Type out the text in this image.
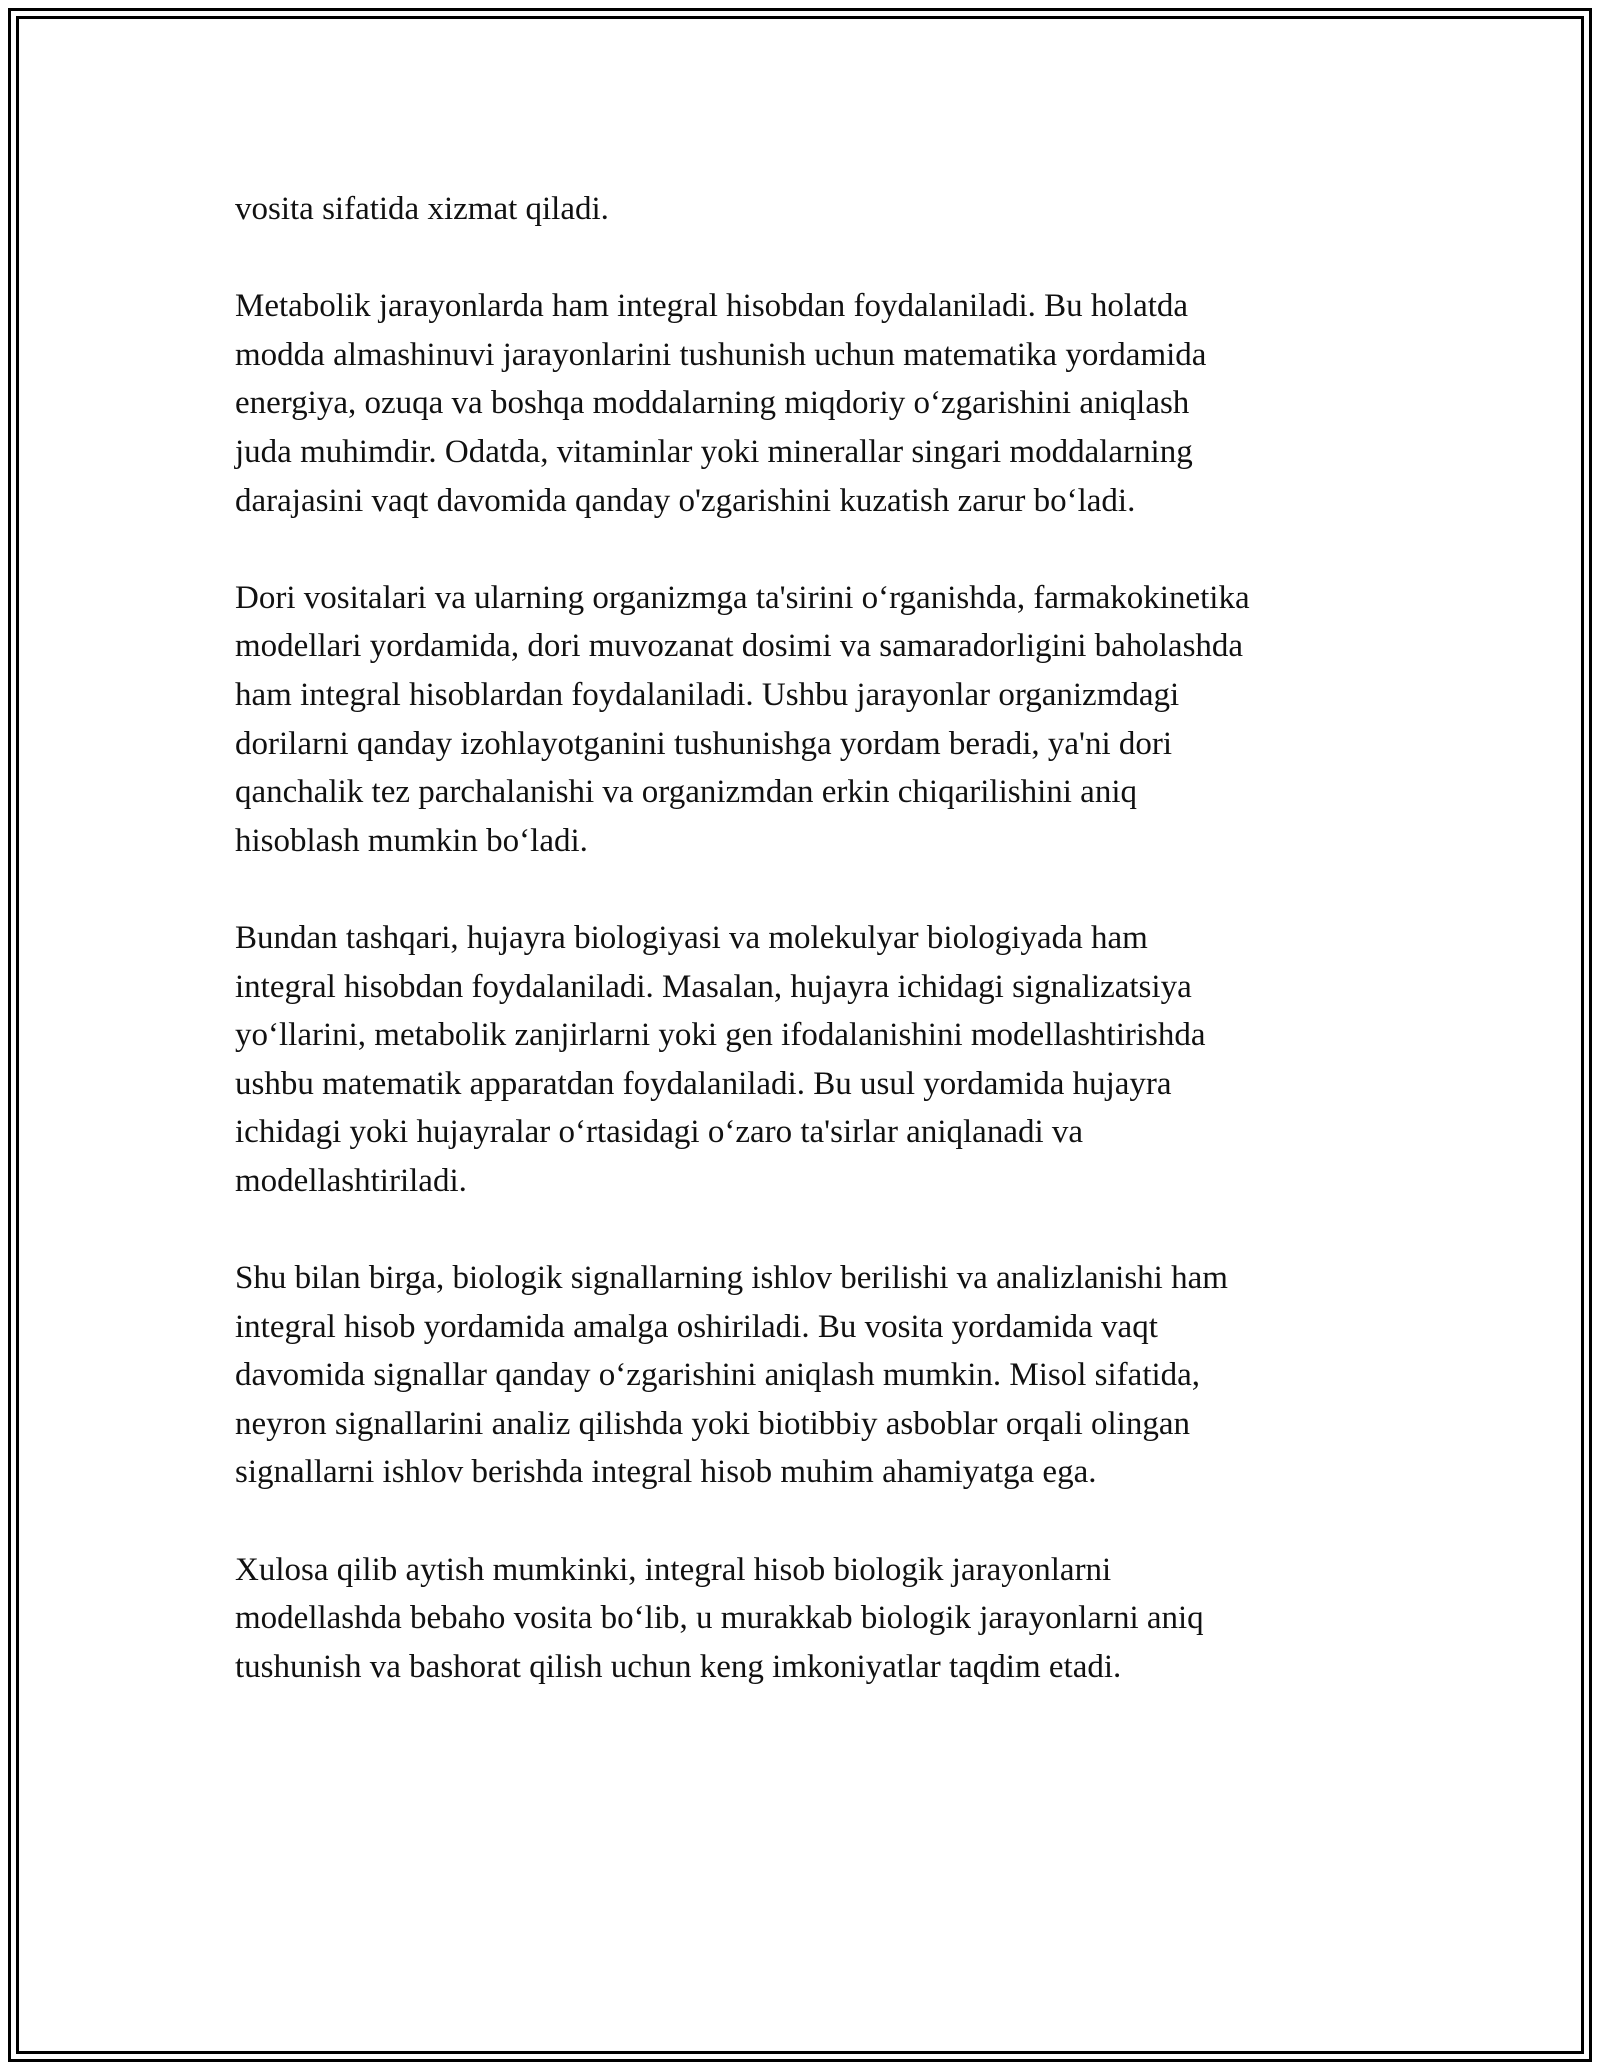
vosita sifatida xizmat qiladi.

Metabolik jarayonlarda ham integral hisobdan foydalaniladi. Bu holatda
modda almashinuvi jarayonlarini tushunish uchun matematika yordamida
energiya, ozuqa va boshqa moddalarning miqdoriy o‘zgarishini aniqlash
juda muhimdir. Odatda, vitaminlar yoki minerallar singari moddalarning
darajasini vaqt davomida qanday o'zgarishini kuzatish zarur bo‘ladi.

Dori vositalari va ularning organizmga ta'sirini o‘rganishda, farmakokinetika
modellari yordamida, dori muvozanat dosimi va samaradorligini baholashda
ham integral hisoblardan foydalaniladi. Ushbu jarayonlar organizmdagi
dorilarni qanday izohlayotganini tushunishga yordam beradi, ya'ni dori
qanchalik tez parchalanishi va organizmdan erkin chiqarilishini aniq
hisoblash mumkin bo‘ladi.

Bundan tashqari, hujayra biologiyasi va molekulyar biologiyada ham
integral hisobdan foydalaniladi. Masalan, hujayra ichidagi signalizatsiya
yo‘llarini, metabolik zanjirlarni yoki gen ifodalanishini modellashtirishda
ushbu matematik apparatdan foydalaniladi. Bu usul yordamida hujayra
ichidagi yoki hujayralar o‘rtasidagi o‘zaro ta'sirlar aniqlanadi va
modellashtiriladi.

Shu bilan birga, biologik signallarning ishlov berilishi va analizlanishi ham
integral hisob yordamida amalga oshiriladi. Bu vosita yordamida vaqt
davomida signallar qanday o‘zgarishini aniqlash mumkin. Misol sifatida,
neyron signallarini analiz qilishda yoki biotibbiy asboblar orqali olingan
signallarni ishlov berishda integral hisob muhim ahamiyatga ega.

Xulosa qilib aytish mumkinki, integral hisob biologik jarayonlarni
modellashda bebaho vosita bo‘lib, u murakkab biologik jarayonlarni aniq
tushunish va bashorat qilish uchun keng imkoniyatlar taqdim etadi.
